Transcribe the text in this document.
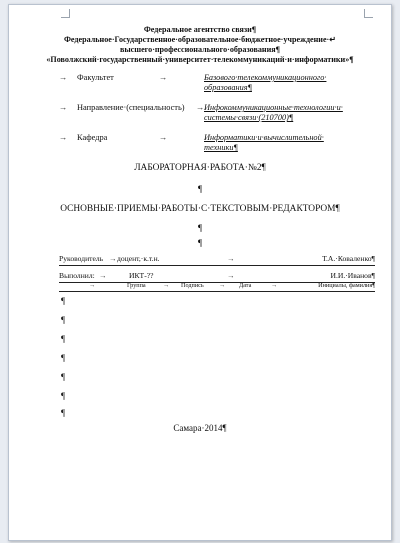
Федеральное агентство связи¶
Федеральное·Государственное·образовательное·бюджетное·учреждение·↵
высшего·профессионального·образования¶
«Поволжский·государственный·университет·телекоммуникаций·и·информатики»¶
→ Факультет	→	Базового·телекоммуникационного·
образования¶
→ Направление·(специальность) → Инфокоммуникационные·технологии·и·
системы·связи·(210700)¶
→ Кафедра	→	Информатики·и·вычислительной·
техники¶
ЛАБОРАТОРНАЯ·РАБОТА·№2¶
¶
ОСНОВНЫЕ·ПРИЕМЫ·РАБОТЫ·С·ТЕКСТОВЫМ·РЕДАКТОРОМ¶
¶
¶
Руководитель → доцент,·к.т.н.	→	Т.А.·Коваленко¶
Выполнил: →	ИКТ-??	→	И.И.·Иванов¶
→	Группа	→ Подпись → Дата	→	Инициалы, фамилия¶
¶
¶
¶
¶
¶
¶
¶
Самара·2014¶
